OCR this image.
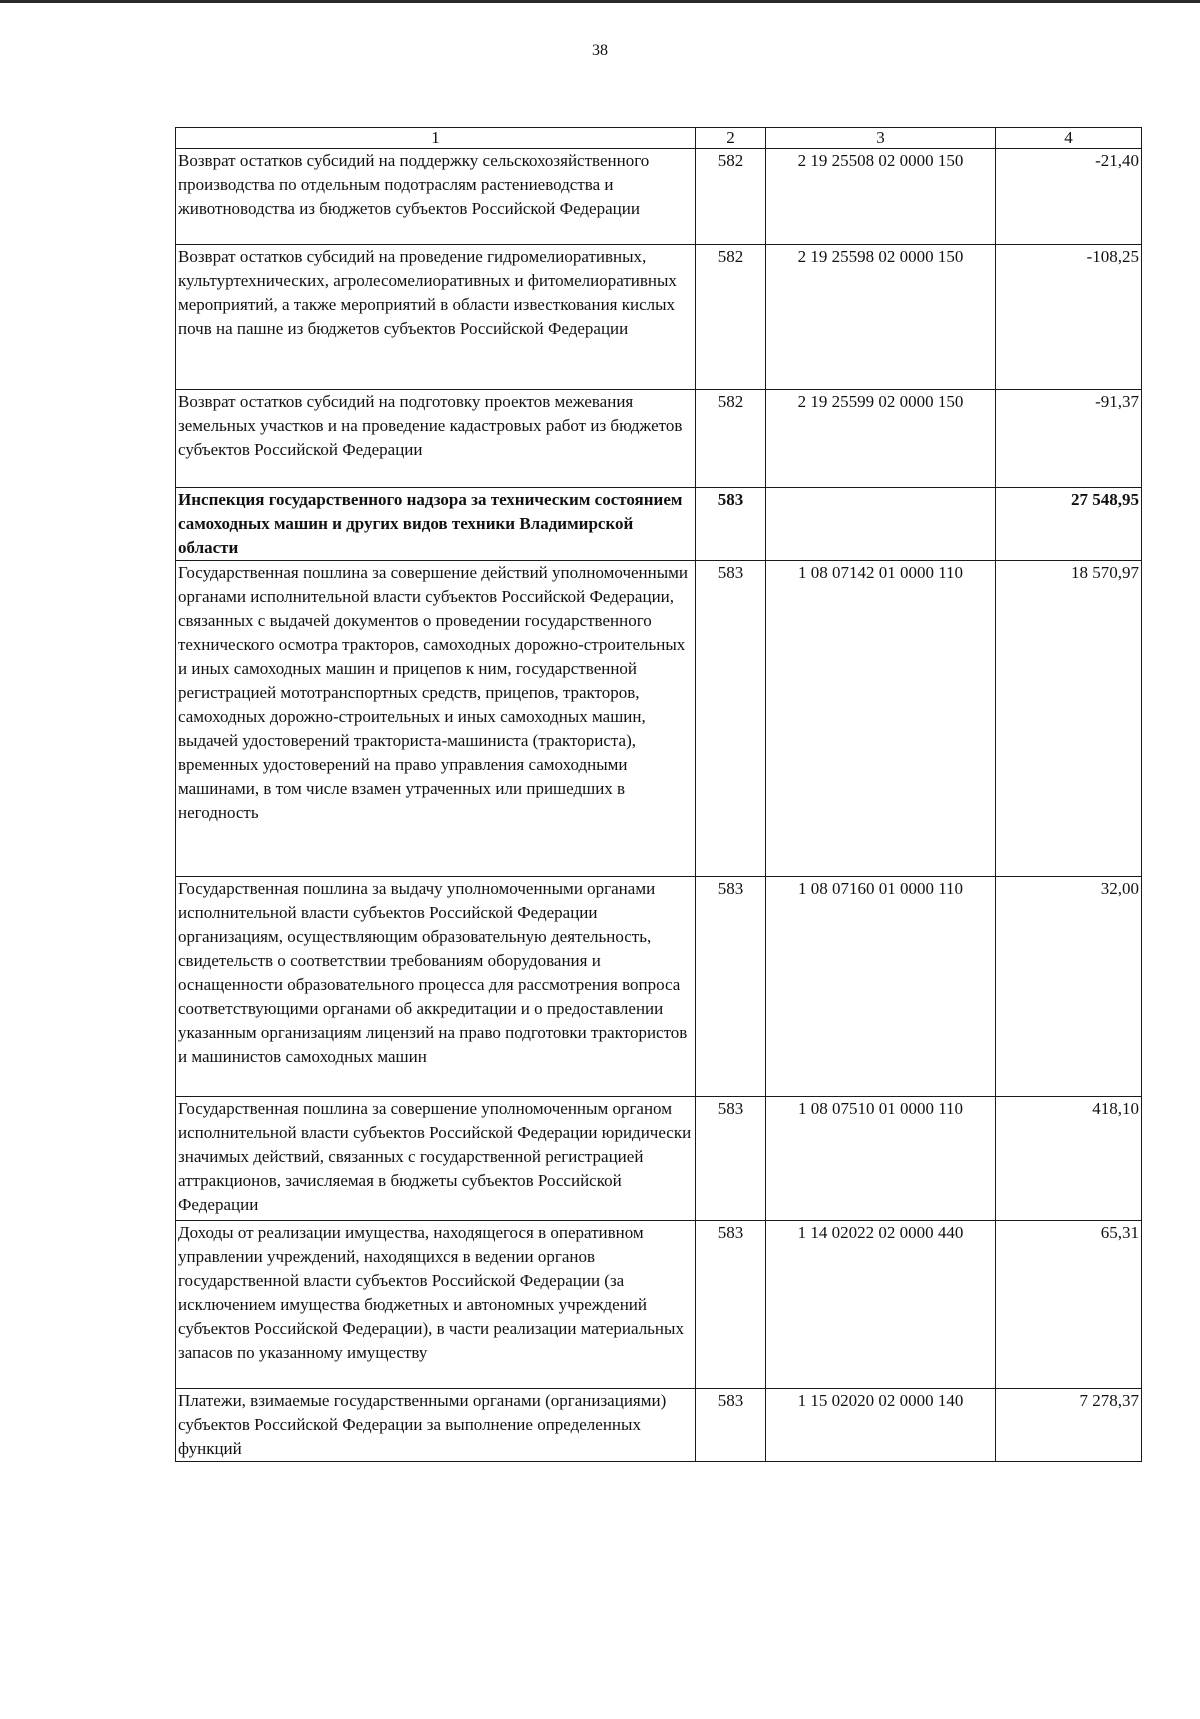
38
1	2	3	4
Возврат остатков субсидий на поддержку сельскохозяйственного производства по отдельным подотраслям растениеводства и животноводства из бюджетов субъектов Российской Федерации	582	2 19 25508 02 0000 150	-21,40
Возврат остатков субсидий на проведение гидромелиоративных, культуртехнических, агролесомелиоративных и фитомелиоративных мероприятий, а также мероприятий в области известкования кислых почв на пашне из бюджетов субъектов Российской Федерации	582	2 19 25598 02 0000 150	-108,25
Возврат остатков субсидий на подготовку проектов межевания земельных участков и на проведение кадастровых работ из бюджетов субъектов Российской Федерации	582	2 19 25599 02 0000 150	-91,37
Инспекция государственного надзора за техническим состоянием самоходных машин и других видов техники Владимирской области	583		27 548,95
Государственная пошлина за совершение действий уполномоченными органами исполнительной власти субъектов Российской Федерации, связанных с выдачей документов о проведении государственного технического осмотра тракторов, самоходных дорожно-строительных и иных самоходных машин и прицепов к ним, государственной регистрацией мототранспортных средств, прицепов, тракторов, самоходных дорожно-строительных и иных самоходных машин, выдачей удостоверений тракториста-машиниста (тракториста), временных удостоверений на право управления самоходными машинами, в том числе взамен утраченных или пришедших в негодность	583	1 08 07142 01 0000 110	18 570,97
Государственная пошлина за выдачу уполномоченными органами исполнительной власти субъектов Российской Федерации организациям, осуществляющим образовательную деятельность, свидетельств о соответствии требованиям оборудования и оснащенности образовательного процесса для рассмотрения вопроса соответствующими органами об аккредитации и о предоставлении указанным организациям лицензий на право подготовки трактористов и машинистов самоходных машин	583	1 08 07160 01 0000 110	32,00
Государственная пошлина за совершение уполномоченным органом исполнительной власти субъектов Российской Федерации юридически значимых действий, связанных с государственной регистрацией аттракционов, зачисляемая в бюджеты субъектов Российской Федерации	583	1 08 07510 01 0000 110	418,10
Доходы от реализации имущества, находящегося в оперативном управлении учреждений, находящихся в ведении органов государственной власти субъектов Российской Федерации (за исключением имущества бюджетных и автономных учреждений субъектов Российской Федерации), в части реализации материальных запасов по указанному имуществу	583	1 14 02022 02 0000 440	65,31
Платежи, взимаемые государственными органами (организациями) субъектов Российской Федерации за выполнение определенных функций	583	1 15 02020 02 0000 140	7 278,37
